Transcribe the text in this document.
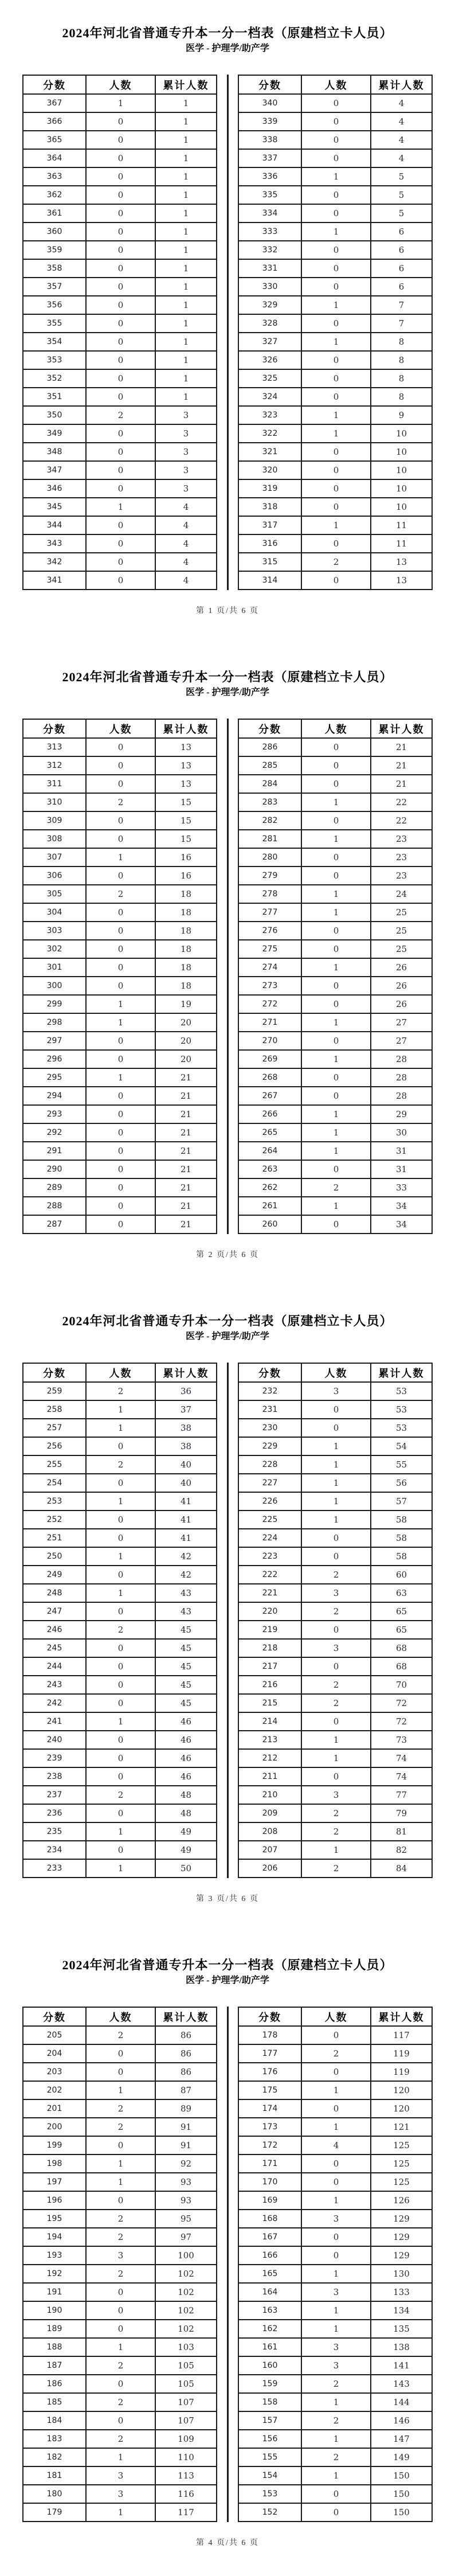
2024年河北省普通专升本一分一档表（原建档立卡人员）
医学 - 护理学/助产学
分数	人数	累计人数
367	1	1
366	0	1
365	0	1
364	0	1
363	0	1
362	0	1
361	0	1
360	0	1
359	0	1
358	0	1
357	0	1
356	0	1
355	0	1
354	0	1
353	0	1
352	0	1
351	0	1
350	2	3
349	0	3
348	0	3
347	0	3
346	0	3
345	1	4
344	0	4
343	0	4
342	0	4
341	0	4
分数	人数	累计人数
340	0	4
339	0	4
338	0	4
337	0	4
336	1	5
335	0	5
334	0	5
333	1	6
332	0	6
331	0	6
330	0	6
329	1	7
328	0	7
327	1	8
326	0	8
325	0	8
324	0	8
323	1	9
322	1	10
321	0	10
320	0	10
319	0	10
318	0	10
317	1	11
316	0	11
315	2	13
314	0	13
第 1 页/共 6 页
2024年河北省普通专升本一分一档表（原建档立卡人员）
医学 - 护理学/助产学
分数	人数	累计人数
313	0	13
312	0	13
311	0	13
310	2	15
309	0	15
308	0	15
307	1	16
306	0	16
305	2	18
304	0	18
303	0	18
302	0	18
301	0	18
300	0	18
299	1	19
298	1	20
297	0	20
296	0	20
295	1	21
294	0	21
293	0	21
292	0	21
291	0	21
290	0	21
289	0	21
288	0	21
287	0	21
分数	人数	累计人数
286	0	21
285	0	21
284	0	21
283	1	22
282	0	22
281	1	23
280	0	23
279	0	23
278	1	24
277	1	25
276	0	25
275	0	25
274	1	26
273	0	26
272	0	26
271	1	27
270	0	27
269	1	28
268	0	28
267	0	28
266	1	29
265	1	30
264	1	31
263	0	31
262	2	33
261	1	34
260	0	34
第 2 页/共 6 页
2024年河北省普通专升本一分一档表（原建档立卡人员）
医学 - 护理学/助产学
分数	人数	累计人数
259	2	36
258	1	37
257	1	38
256	0	38
255	2	40
254	0	40
253	1	41
252	0	41
251	0	41
250	1	42
249	0	42
248	1	43
247	0	43
246	2	45
245	0	45
244	0	45
243	0	45
242	0	45
241	1	46
240	0	46
239	0	46
238	0	46
237	2	48
236	0	48
235	1	49
234	0	49
233	1	50
分数	人数	累计人数
232	3	53
231	0	53
230	0	53
229	1	54
228	1	55
227	1	56
226	1	57
225	1	58
224	0	58
223	0	58
222	2	60
221	3	63
220	2	65
219	0	65
218	3	68
217	0	68
216	2	70
215	2	72
214	0	72
213	1	73
212	1	74
211	0	74
210	3	77
209	2	79
208	2	81
207	1	82
206	2	84
第 3 页/共 6 页
2024年河北省普通专升本一分一档表（原建档立卡人员）
医学 - 护理学/助产学
分数	人数	累计人数
205	2	86
204	0	86
203	0	86
202	1	87
201	2	89
200	2	91
199	0	91
198	1	92
197	1	93
196	0	93
195	2	95
194	2	97
193	3	100
192	2	102
191	0	102
190	0	102
189	0	102
188	1	103
187	2	105
186	0	105
185	2	107
184	0	107
183	2	109
182	1	110
181	3	113
180	3	116
179	1	117
分数	人数	累计人数
178	0	117
177	2	119
176	0	119
175	1	120
174	0	120
173	1	121
172	4	125
171	0	125
170	0	125
169	1	126
168	3	129
167	0	129
166	0	129
165	1	130
164	3	133
163	1	134
162	1	135
161	3	138
160	3	141
159	2	143
158	1	144
157	2	146
156	1	147
155	2	149
154	1	150
153	0	150
152	0	150
第 4 页/共 6 页
